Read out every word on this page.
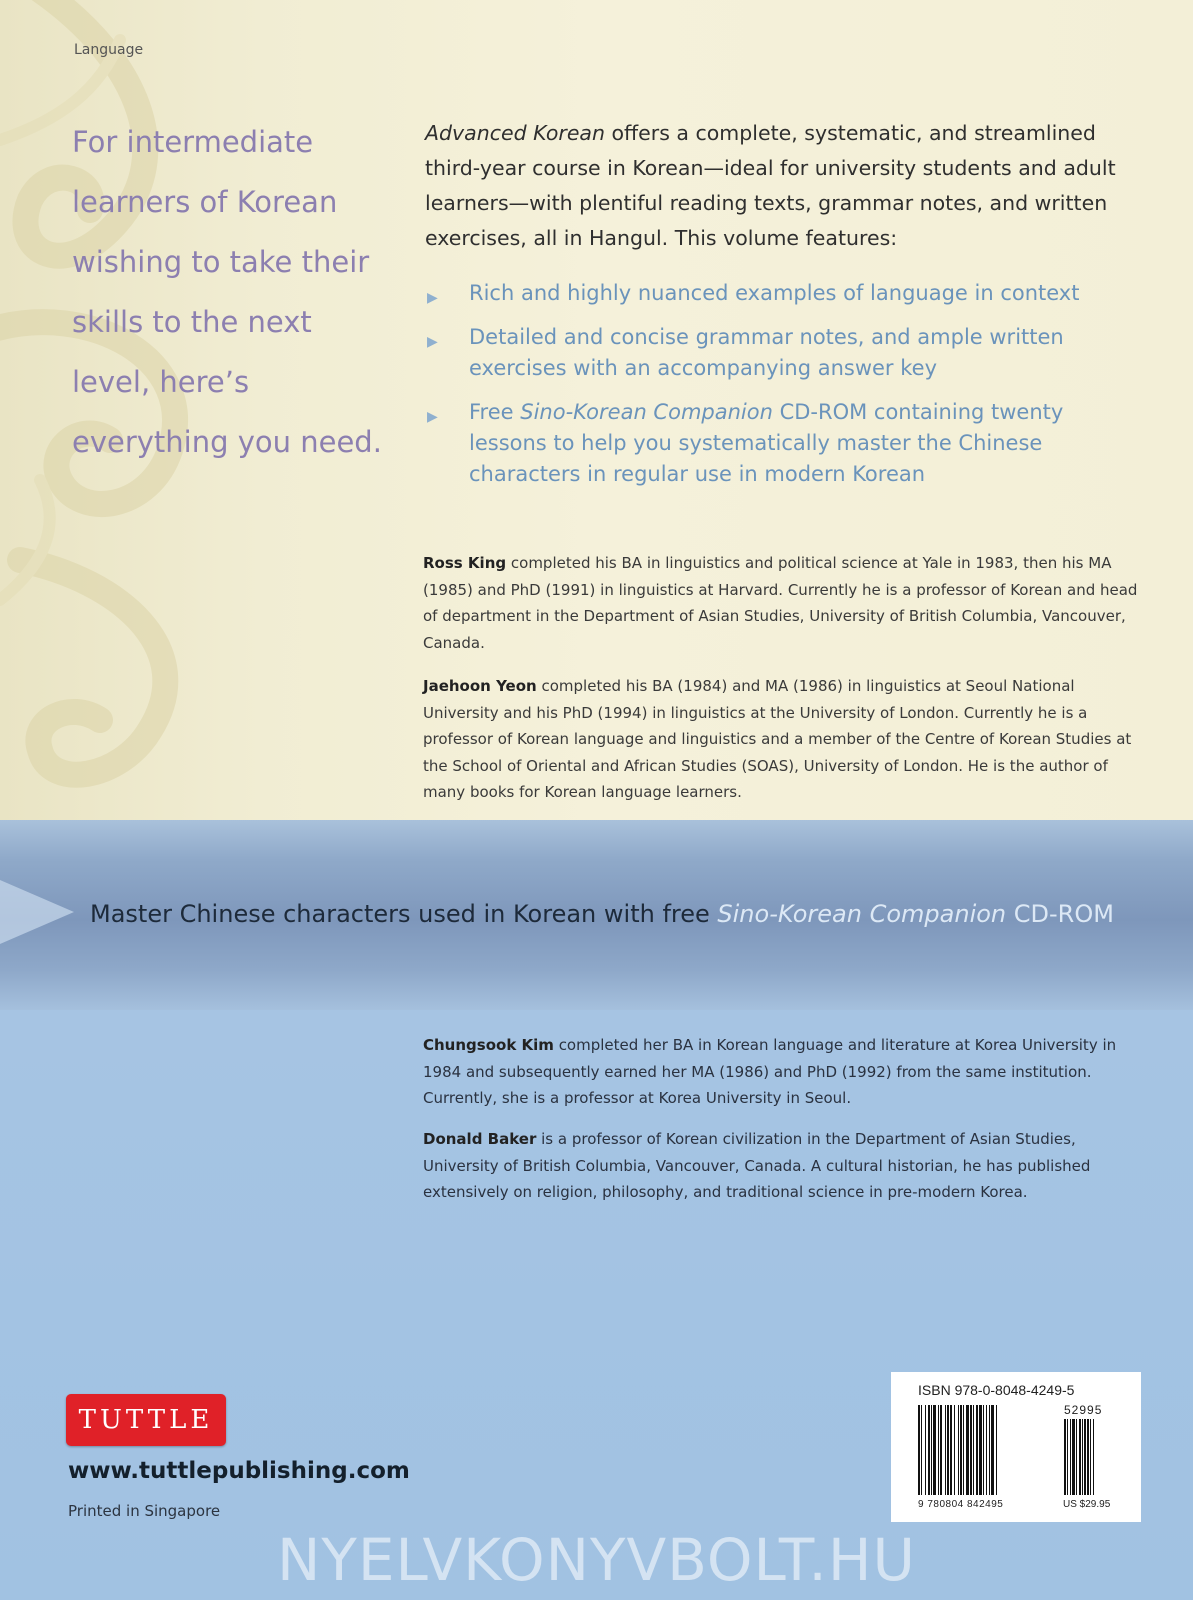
Language
For intermediate learners of Korean wishing to take their skills to the next level, here’s everything you need.
Advanced Korean offers a complete, systematic, and streamlined third-year course in Korean—ideal for university students and adult learners—with plentiful reading texts, grammar notes, and written exercises, all in Hangul. This volume features:
▶ Rich and highly nuanced examples of language in context
▶ Detailed and concise grammar notes, and ample written exercises with an accompanying answer key
▶ Free Sino-Korean Companion CD-ROM containing twenty lessons to help you systematically master the Chinese characters in regular use in modern Korean
Ross King completed his BA in linguistics and political science at Yale in 1983, then his MA (1985) and PhD (1991) in linguistics at Harvard. Currently he is a professor of Korean and head of department in the Department of Asian Studies, University of British Columbia, Vancouver, Canada.
Jaehoon Yeon completed his BA (1984) and MA (1986) in linguistics at Seoul National University and his PhD (1994) in linguistics at the University of London. Currently he is a professor of Korean language and linguistics and a member of the Centre of Korean Studies at the School of Oriental and African Studies (SOAS), University of London. He is the author of many books for Korean language learners.
Master Chinese characters used in Korean with free Sino-Korean Companion CD-ROM
Chungsook Kim completed her BA in Korean language and literature at Korea University in 1984 and subsequently earned her MA (1986) and PhD (1992) from the same institution. Currently, she is a professor at Korea University in Seoul.
Donald Baker is a professor of Korean civilization in the Department of Asian Studies, University of British Columbia, Vancouver, Canada. A cultural historian, he has published extensively on religion, philosophy, and traditional science in pre-modern Korea.
TUTTLE
www.tuttlepublishing.com
Printed in Singapore
ISBN 978-0-8048-4249-5
52995
9 780804 842495	US $29.95
NYELVKONYVBOLT.HU
